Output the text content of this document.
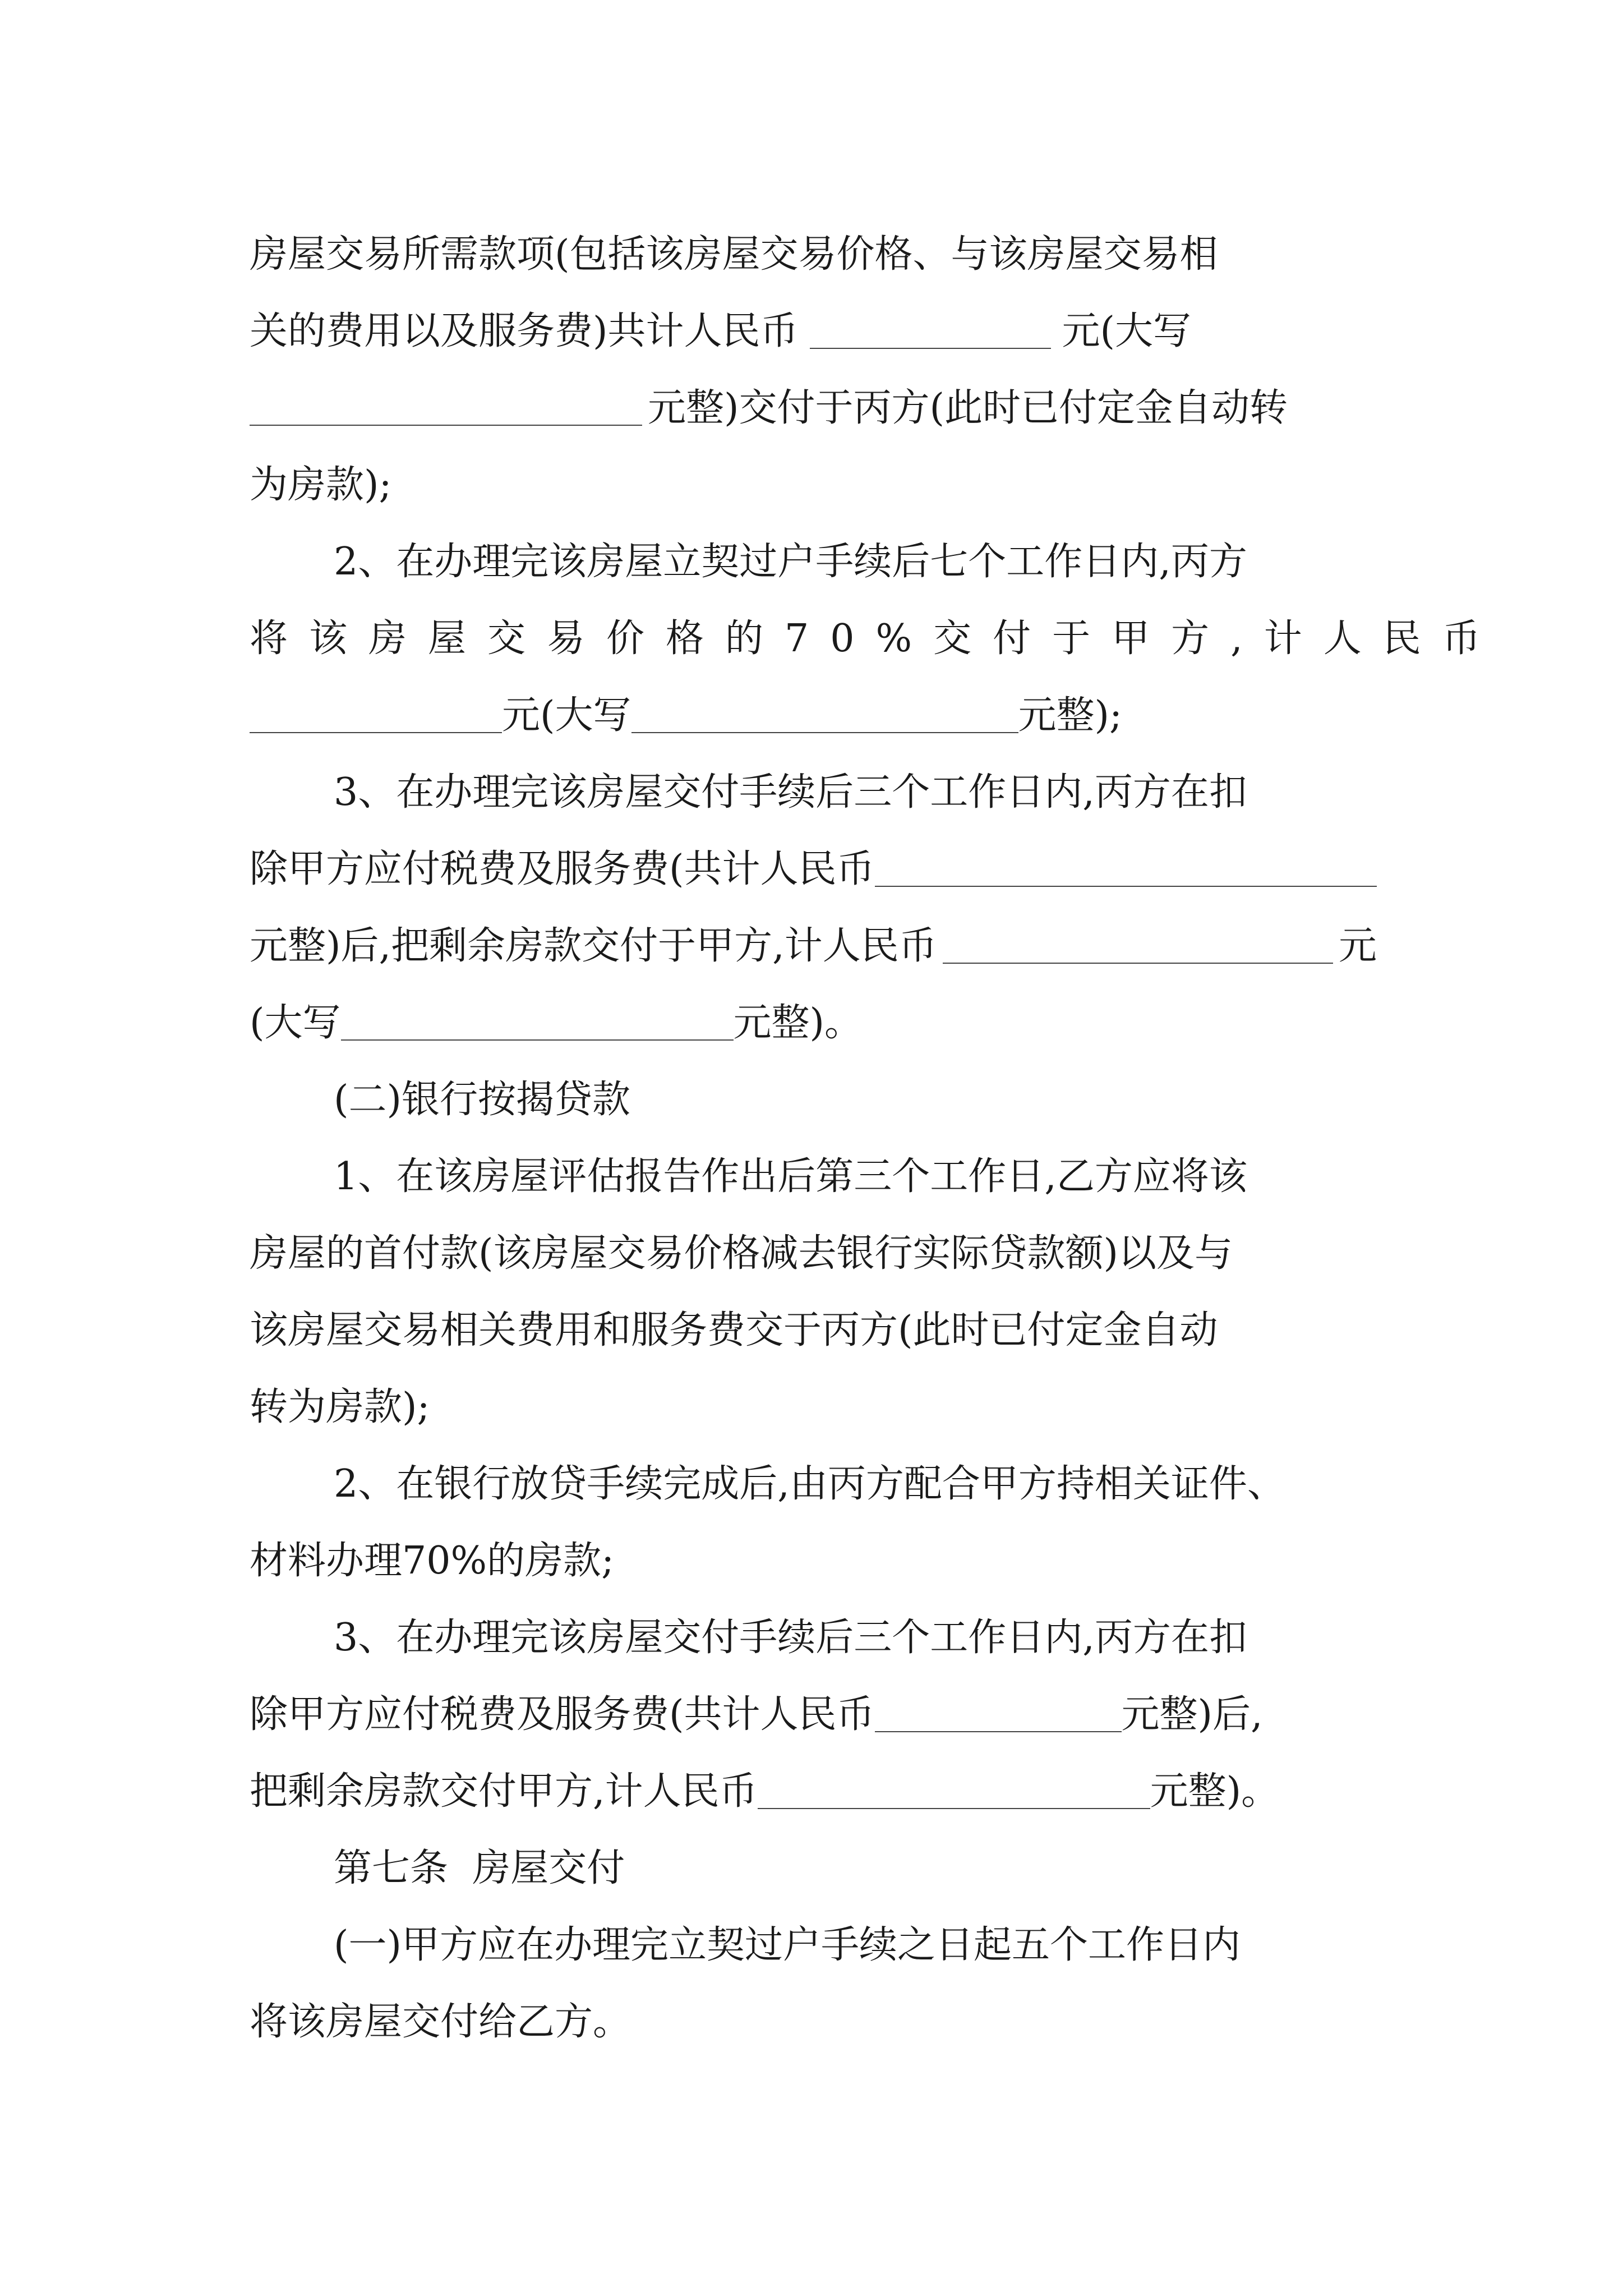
房屋交易所需款项(包括该房屋交易价格、与该房屋交易相
关的费用以及服务费)共计人民币	元(大写
元整)交付于丙方(此时已付定金自动转
为房款);
2、在办理完该房屋立契过户手续后七个工作日内,丙方
将该房屋交易价格的70%交付于甲方,计人民币
元(大写	元整);
3、在办理完该房屋交付手续后三个工作日内,丙方在扣
除甲方应付税费及服务费(共计人民币
元整)后,把剩余房款交付于甲方,计人民币	元
(大写	元整)。
(二)银行按揭贷款
1、在该房屋评估报告作出后第三个工作日,乙方应将该
房屋的首付款(该房屋交易价格减去银行实际贷款额)以及与
该房屋交易相关费用和服务费交于丙方(此时已付定金自动
转为房款);
2、在银行放贷手续完成后,由丙方配合甲方持相关证件、
材料办理70%的房款;
3、在办理完该房屋交付手续后三个工作日内,丙方在扣
除甲方应付税费及服务费(共计人民币	元整)后,
把剩余房款交付甲方,计人民币	元整)。
第七条  房屋交付
(一)甲方应在办理完立契过户手续之日起五个工作日内
将该房屋交付给乙方。
